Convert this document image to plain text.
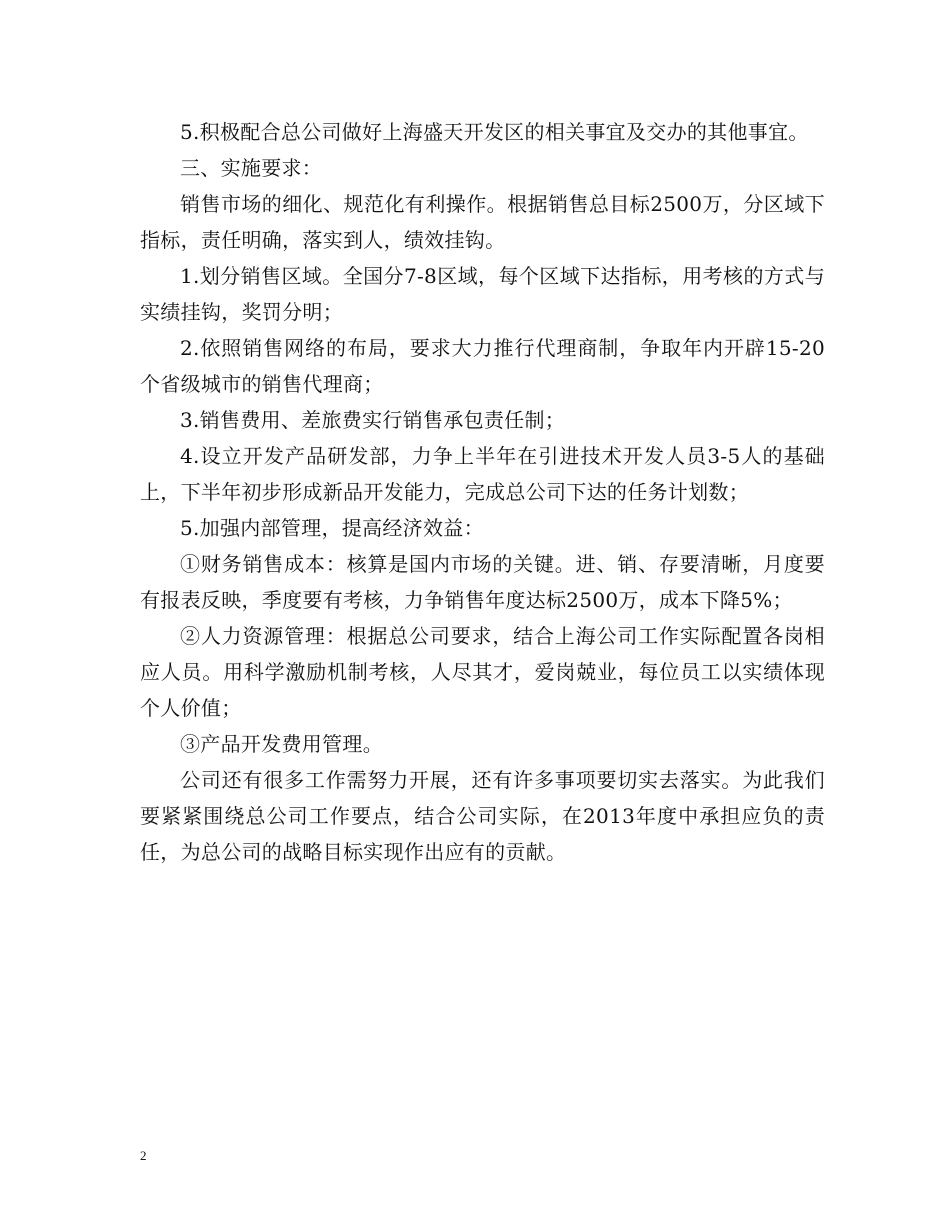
5.积极配合总公司做好上海盛天开发区的相关事宜及交办的其他事宜。

三、实施要求：

销售市场的细化、规范化有利操作。根据销售总目标2500万，分区域下指标，责任明确，落实到人，绩效挂钩。

1.划分销售区域。全国分7-8区域，每个区域下达指标，用考核的方式与实绩挂钩，奖罚分明；

2.依照销售网络的布局，要求大力推行代理商制，争取年内开辟15-20个省级城市的销售代理商；

3.销售费用、差旅费实行销售承包责任制；

4.设立开发产品研发部，力争上半年在引进技术开发人员3-5人的基础上，下半年初步形成新品开发能力，完成总公司下达的任务计划数；

5.加强内部管理，提高经济效益：

①财务销售成本：核算是国内市场的关键。进、销、存要清晰，月度要有报表反映，季度要有考核，力争销售年度达标2500万，成本下降5%；

②人力资源管理：根据总公司要求，结合上海公司工作实际配置各岗相应人员。用科学激励机制考核，人尽其才，爱岗兢业，每位员工以实绩体现个人价值；

③产品开发费用管理。

公司还有很多工作需努力开展，还有许多事项要切实去落实。为此我们要紧紧围绕总公司工作要点，结合公司实际，在2013年度中承担应负的责任，为总公司的战略目标实现作出应有的贡献。

2
